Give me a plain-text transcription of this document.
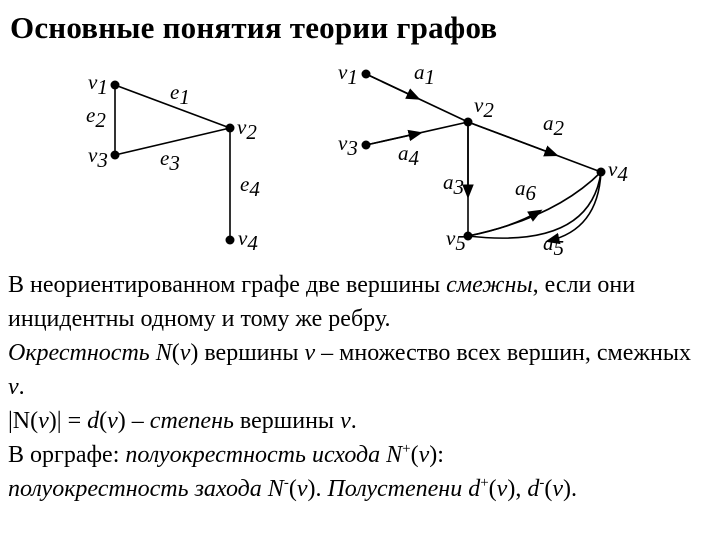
Основные понятия теории графов
v1
v2
v3
v4
e1
e2
e3
e4
v1
v2
v3
v4
v5
a1
a2
a3
a4
a5
a6

В неориентированном графе две вершины смежны, если они инцидентны одному и тому же ребру.

Окрестность N(v) вершины v – множество всех вершин, смежных v.

|N(v)| = d(v) – степень вершины v.

В орграфе: полуокрестность исхода N+(v):

полуокрестность захода N-(v). Полустепени d+(v), d-(v).
